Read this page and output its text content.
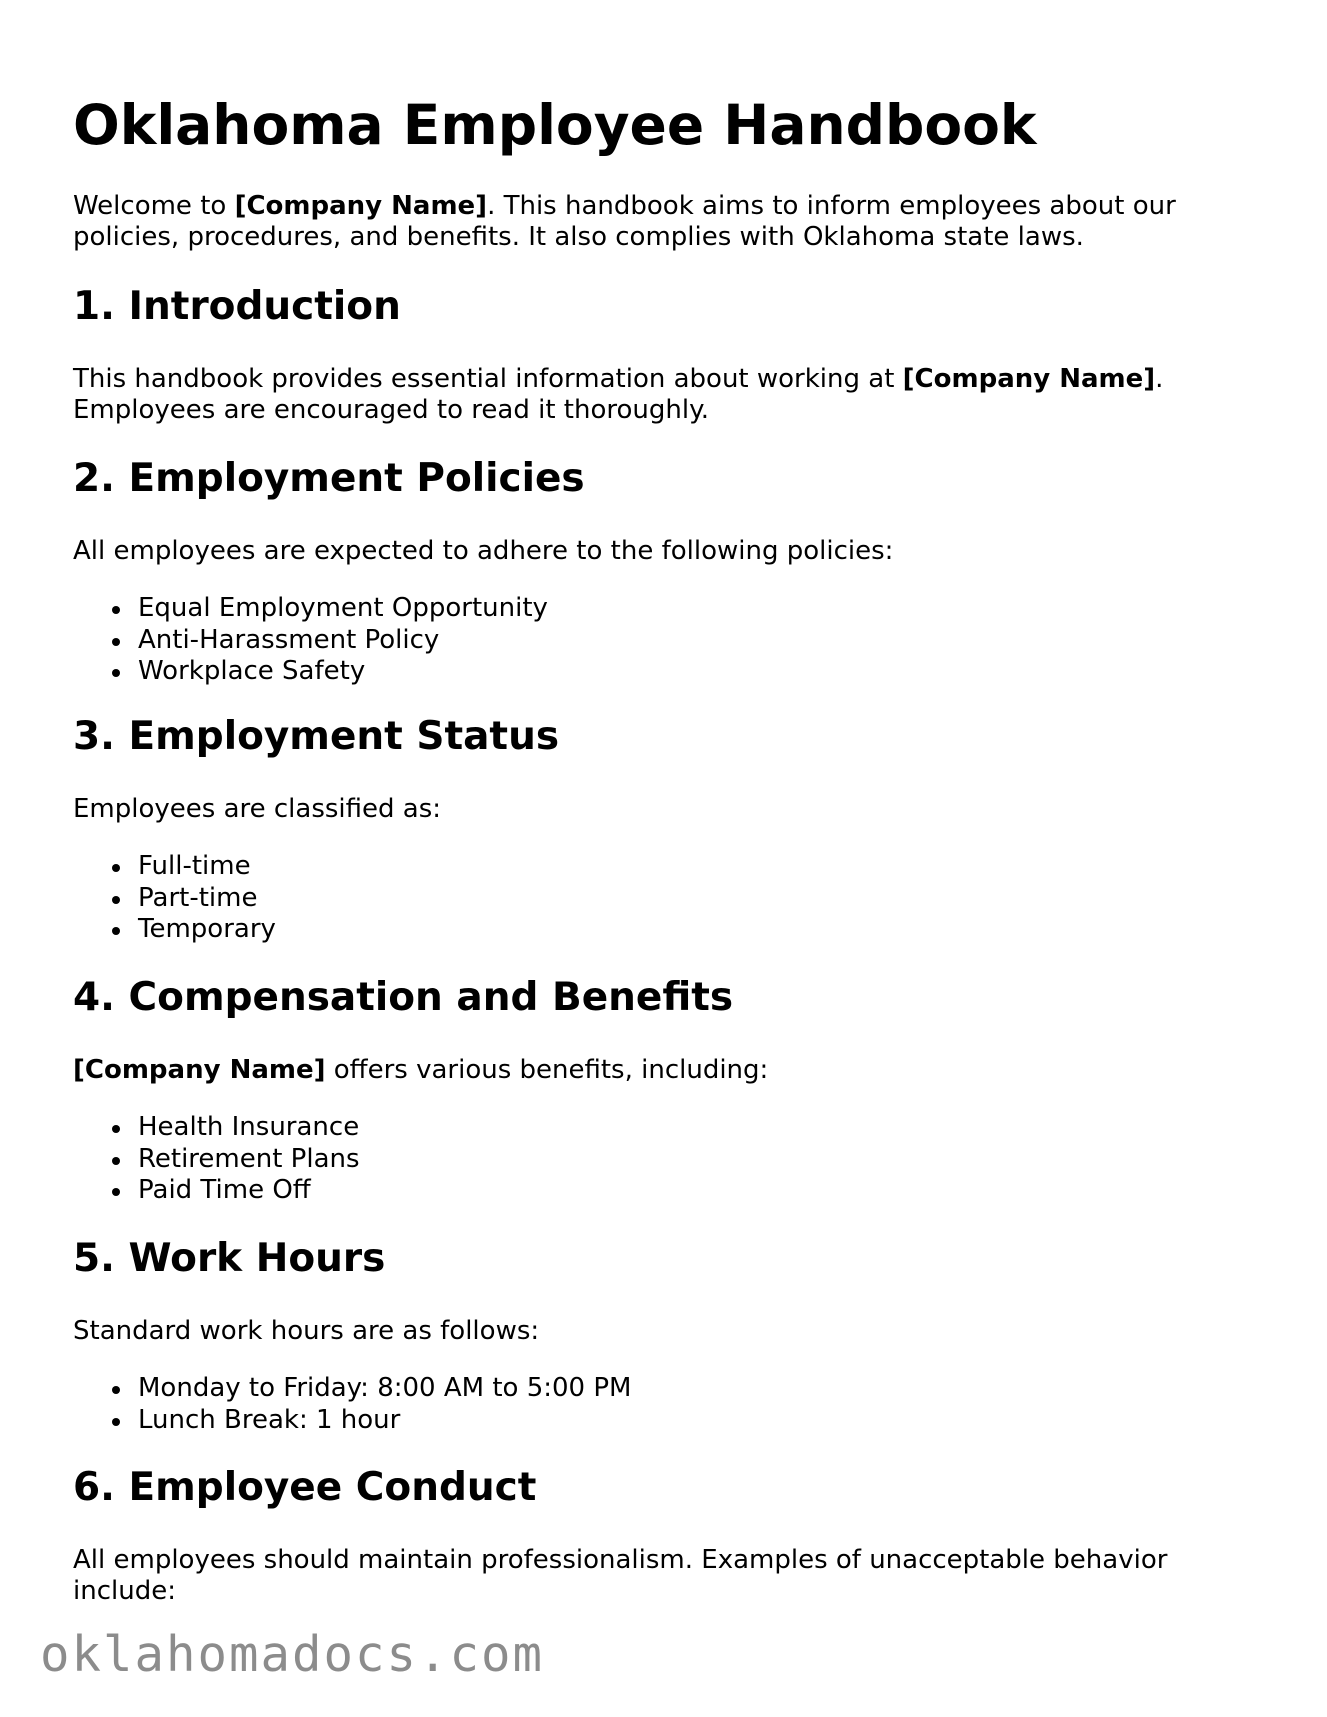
Oklahoma Employee Handbook

Welcome to [Company Name]. This handbook aims to inform employees about our policies, procedures, and benefits. It also complies with Oklahoma state laws.

1. Introduction

This handbook provides essential information about working at [Company Name]. Employees are encouraged to read it thoroughly.

2. Employment Policies

All employees are expected to adhere to the following policies:

Equal Employment Opportunity
Anti-Harassment Policy
Workplace Safety
3. Employment Status

Employees are classified as:

Full-time
Part-time
Temporary
4. Compensation and Benefits

[Company Name] offers various benefits, including:

Health Insurance
Retirement Plans
Paid Time Off
5. Work Hours

Standard work hours are as follows:

Monday to Friday: 8:00 AM to 5:00 PM
Lunch Break: 1 hour
6. Employee Conduct

All employees should maintain professionalism. Examples of unacceptable behavior include:

oklahomadocs.com
